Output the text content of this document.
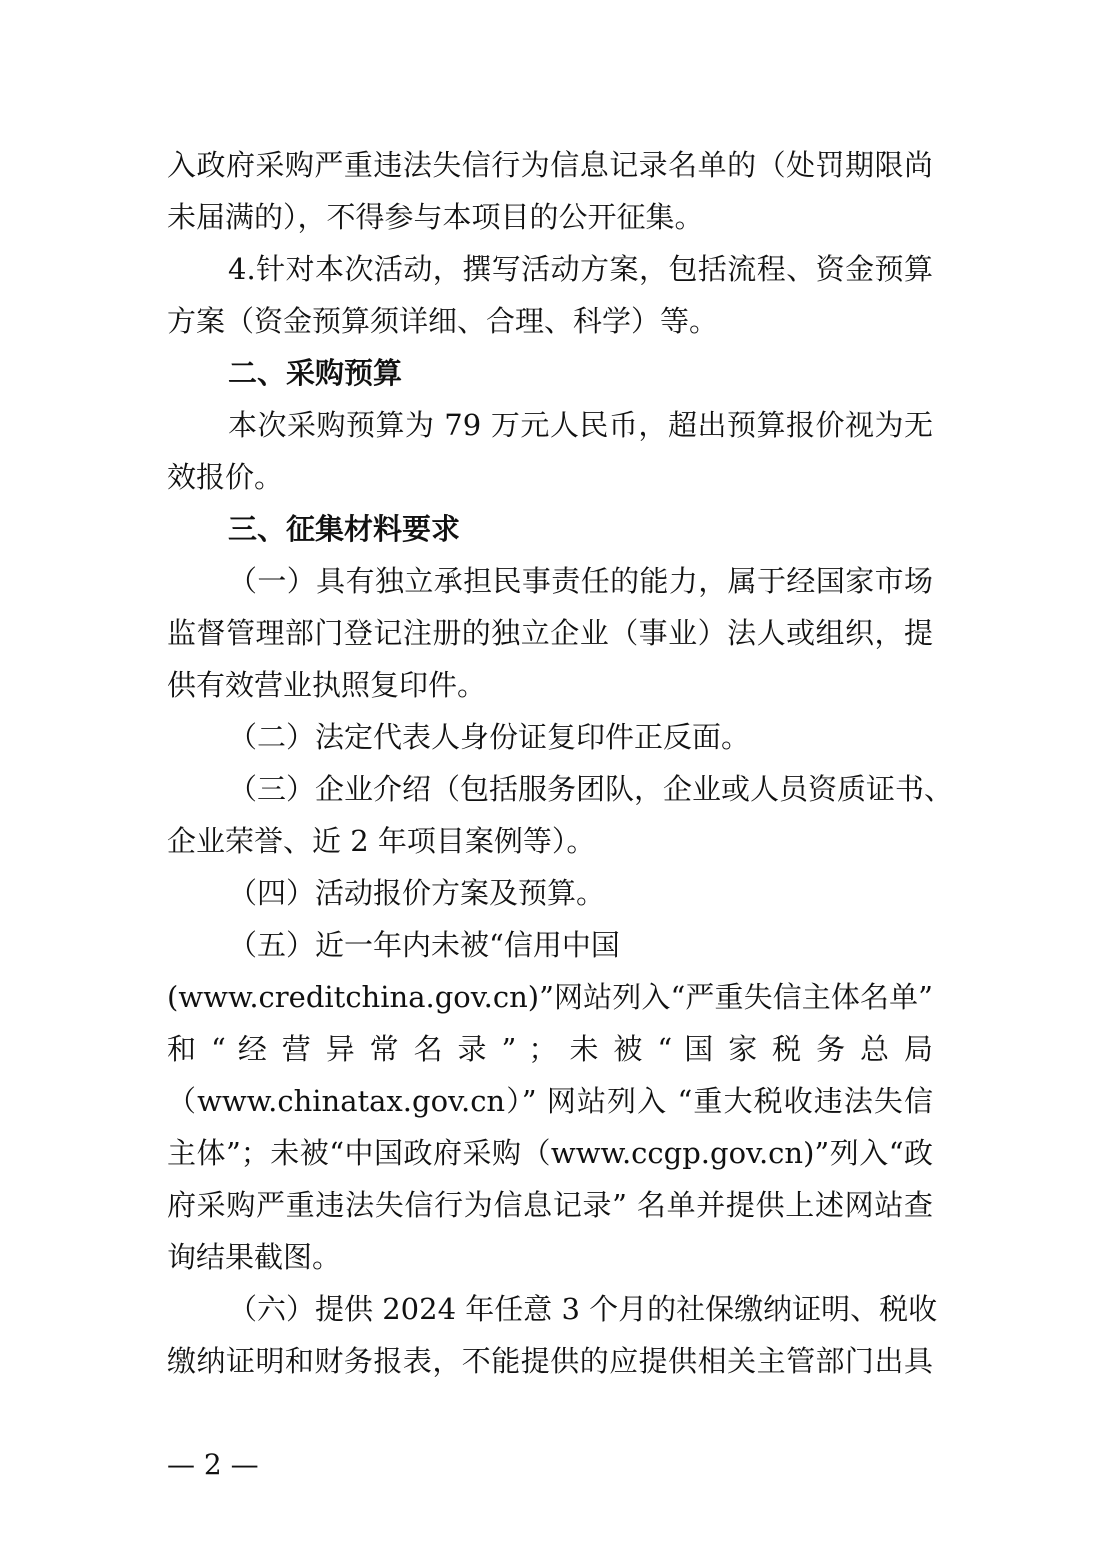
入政府采购严重违法失信行为信息记录名单的（处罚期限尚
未届满的），不得参与本项目的公开征集。
4.针对本次活动，撰写活动方案，包括流程、资金预算
方案（资金预算须详细、合理、科学）等。
二、采购预算
本次采购预算为 79 万元人民币，超出预算报价视为无
效报价。
三、征集材料要求
（一）具有独立承担民事责任的能力，属于经国家市场
监督管理部门登记注册的独立企业（事业）法人或组织，提
供有效营业执照复印件。
（二）法定代表人身份证复印件正反面。
（三）企业介绍（包括服务团队，企业或人员资质证书、
企业荣誉、近 2 年项目案例等）。
（四）活动报价方案及预算。
（五）近一年内未被“信用中国
(www.creditchina.gov.cn)”网站列入“严重失信主体名单”
和 “ 经 营 异 常 名 录 ” ； 未 被 “ 国 家 税 务 总 局
（www.chinatax.gov.cn）” 网站列入 “重大税收违法失信
主体”；未被“中国政府采购（www.ccgp.gov.cn)”列入“政
府采购严重违法失信行为信息记录” 名单并提供上述网站查
询结果截图。
（六）提供 2024 年任意 3 个月的社保缴纳证明、税收
缴纳证明和财务报表，不能提供的应提供相关主管部门出具
— 2 —
